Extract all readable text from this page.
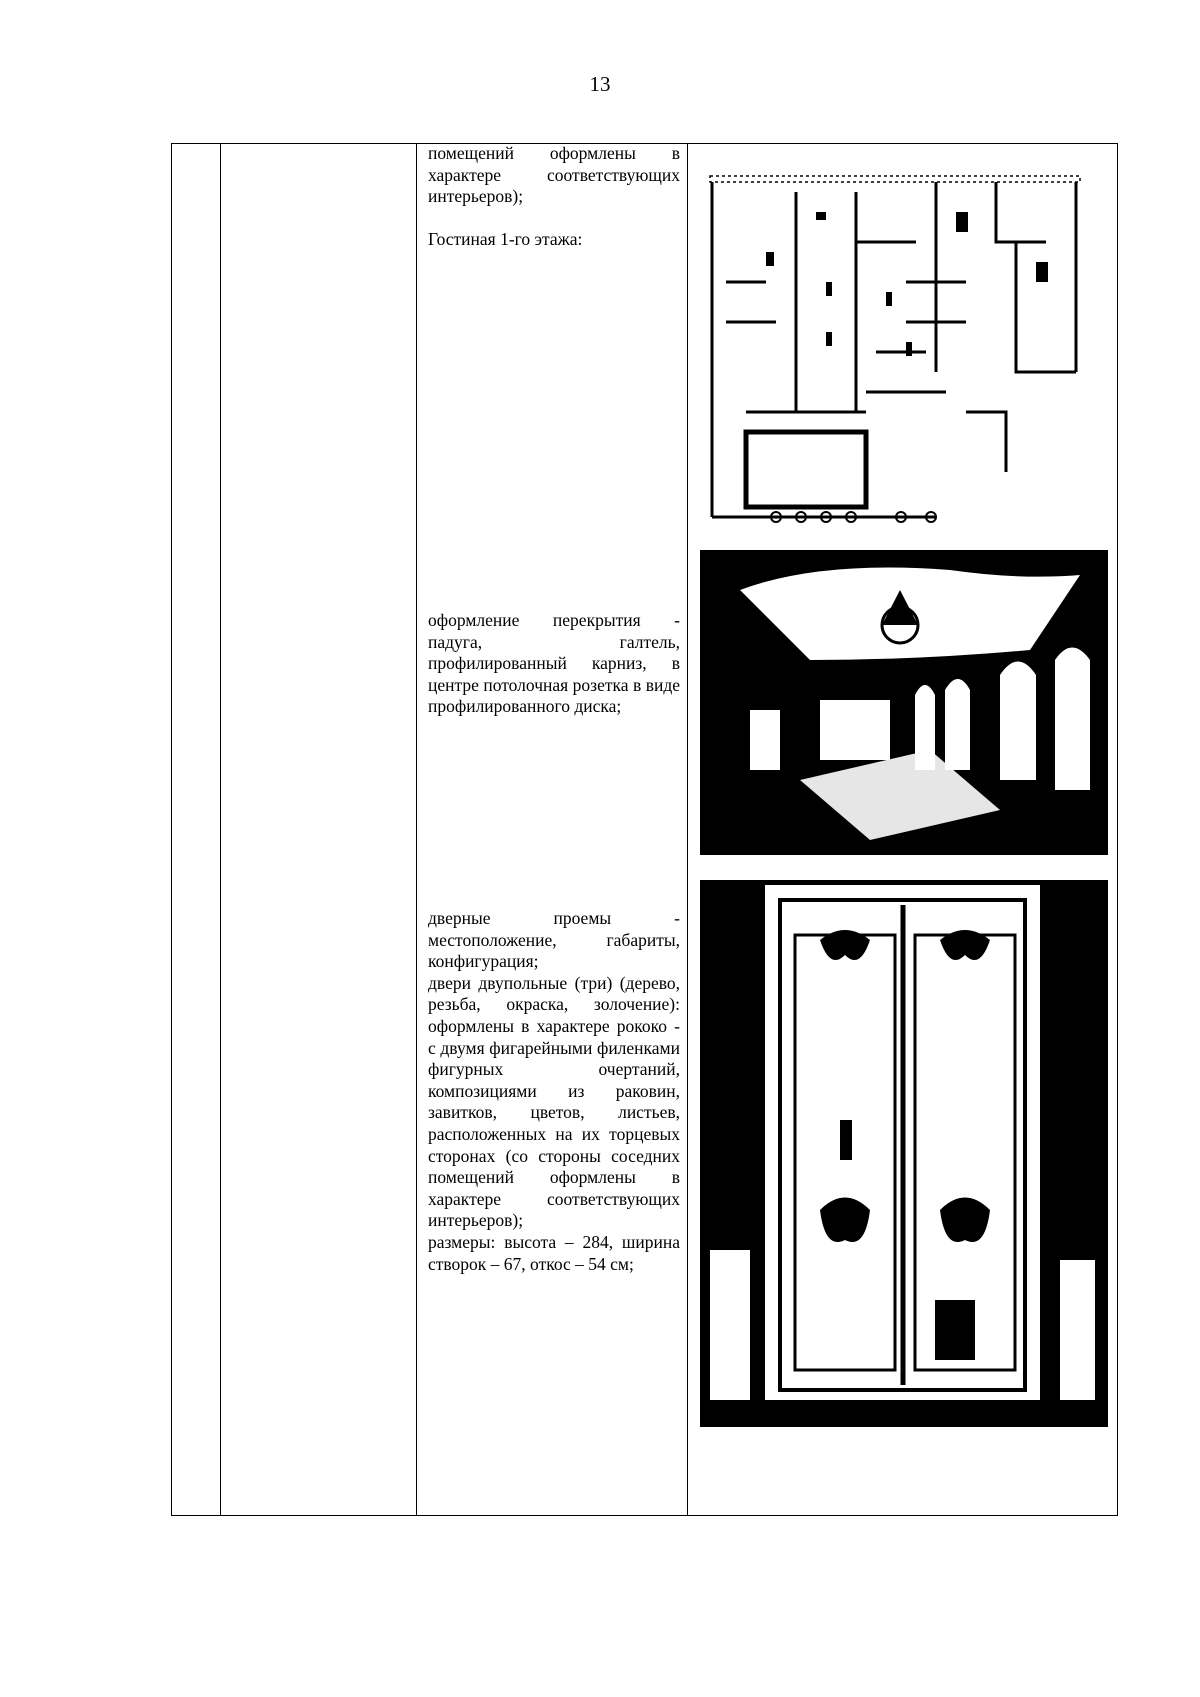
13

помещений оформлены в характере соответствующих интерьеров);

Гостиная 1-го этажа:

оформление перекрытия - падуга, галтель, профилированный карниз, в центре потолочная розетка в виде профилированного диска;

дверные проемы - местоположение, габариты, конфигурация;

двери двупольные (три) (дерево, резьба, окраска, золочение): оформлены в характере рококо - с двумя фигарейными филенками фигурных очертаний, композициями из раковин, завитков, цветов, листьев, расположенных на их торцевых сторонах (со стороны соседних помещений оформлены в характере соответствующих интерьеров);

размеры: высота – 284, ширина створок – 67, откос – 54 см;
